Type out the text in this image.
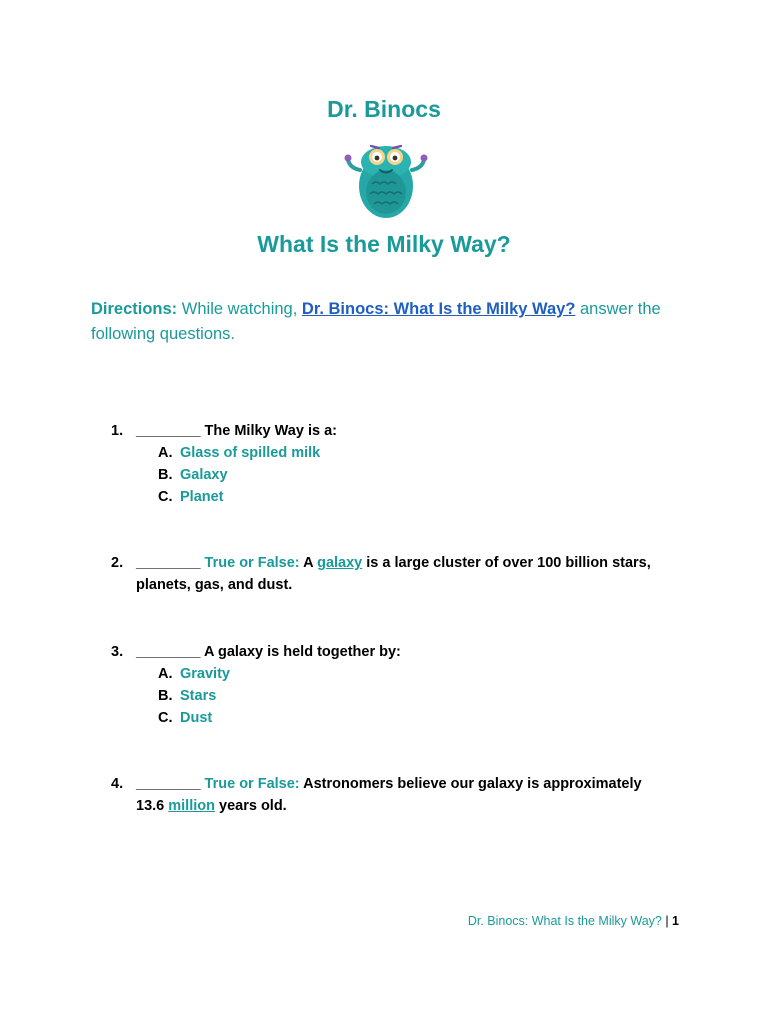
Dr. Binocs
What Is the Milky Way?
Directions: While watching, Dr. Binocs: What Is the Milky Way? answer the following questions.
1. ________ The Milky Way is a:
A. Glass of spilled milk
B. Galaxy
C. Planet
2. ________ True or False: A galaxy is a large cluster of over 100 billion stars,
planets, gas, and dust.
3. ________ A galaxy is held together by:
A. Gravity
B. Stars
C. Dust
4. ________ True or False: Astronomers believe our galaxy is approximately
13.6 million years old.
Dr. Binocs: What Is the Milky Way? | 1
